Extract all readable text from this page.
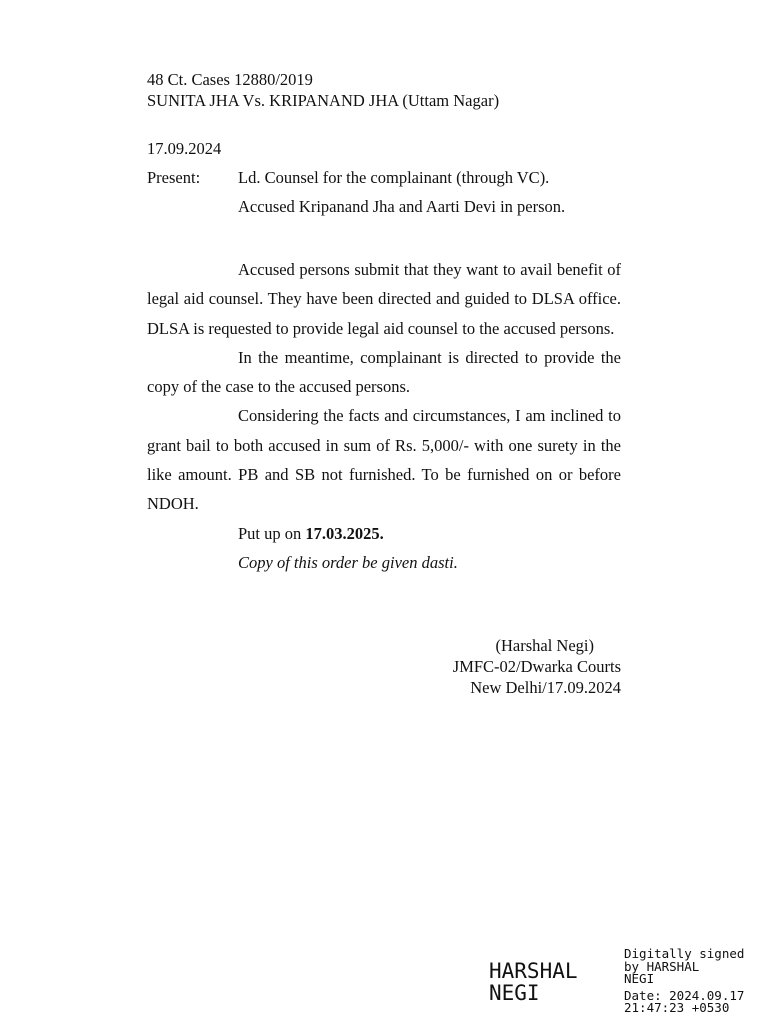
48 Ct. Cases 12880/2019
SUNITA JHA Vs. KRIPANAND JHA (Uttam Nagar)
17.09.2024
Present: Ld. Counsel for the complainant (through VC).
Accused Kripanand Jha and Aarti Devi in person.

Accused persons submit that they want to avail benefit of legal aid counsel. They have been directed and guided to DLSA office. DLSA is requested to provide legal aid counsel to the accused persons.

In the meantime, complainant is directed to provide the copy of the case to the accused persons.

Considering the facts and circumstances, I am inclined to grant bail to both accused in sum of Rs. 5,000/- with one surety in the like amount. PB and SB not furnished. To be furnished on or before NDOH.

Put up on 17.03.2025.

Copy of this order be given dasti.

(Harshal Negi)
JMFC-02/Dwarka Courts
New Delhi/17.09.2024
HARSHAL
NEGI
Digitally signed
by HARSHAL
NEGI
Date: 2024.09.17
21:47:23 +0530
